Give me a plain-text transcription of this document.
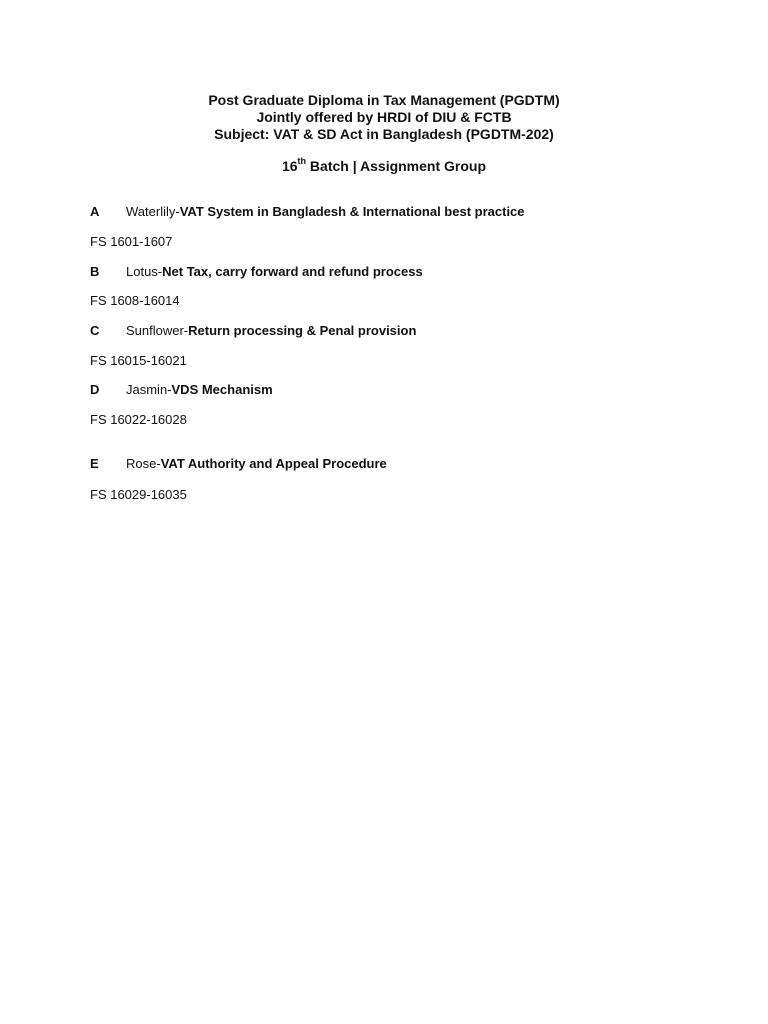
Post Graduate Diploma in Tax Management (PGDTM)
Jointly offered by HRDI of DIU & FCTB
Subject: VAT & SD Act in Bangladesh (PGDTM-202)
16th Batch | Assignment Group
A Waterlily-VAT System in Bangladesh & International best practice
FS 1601-1607
B Lotus-Net Tax, carry forward and refund process
FS 1608-16014
C Sunflower-Return processing & Penal provision
FS 16015-16021
D Jasmin-VDS Mechanism
FS 16022-16028
E Rose-VAT Authority and Appeal Procedure
FS 16029-16035
